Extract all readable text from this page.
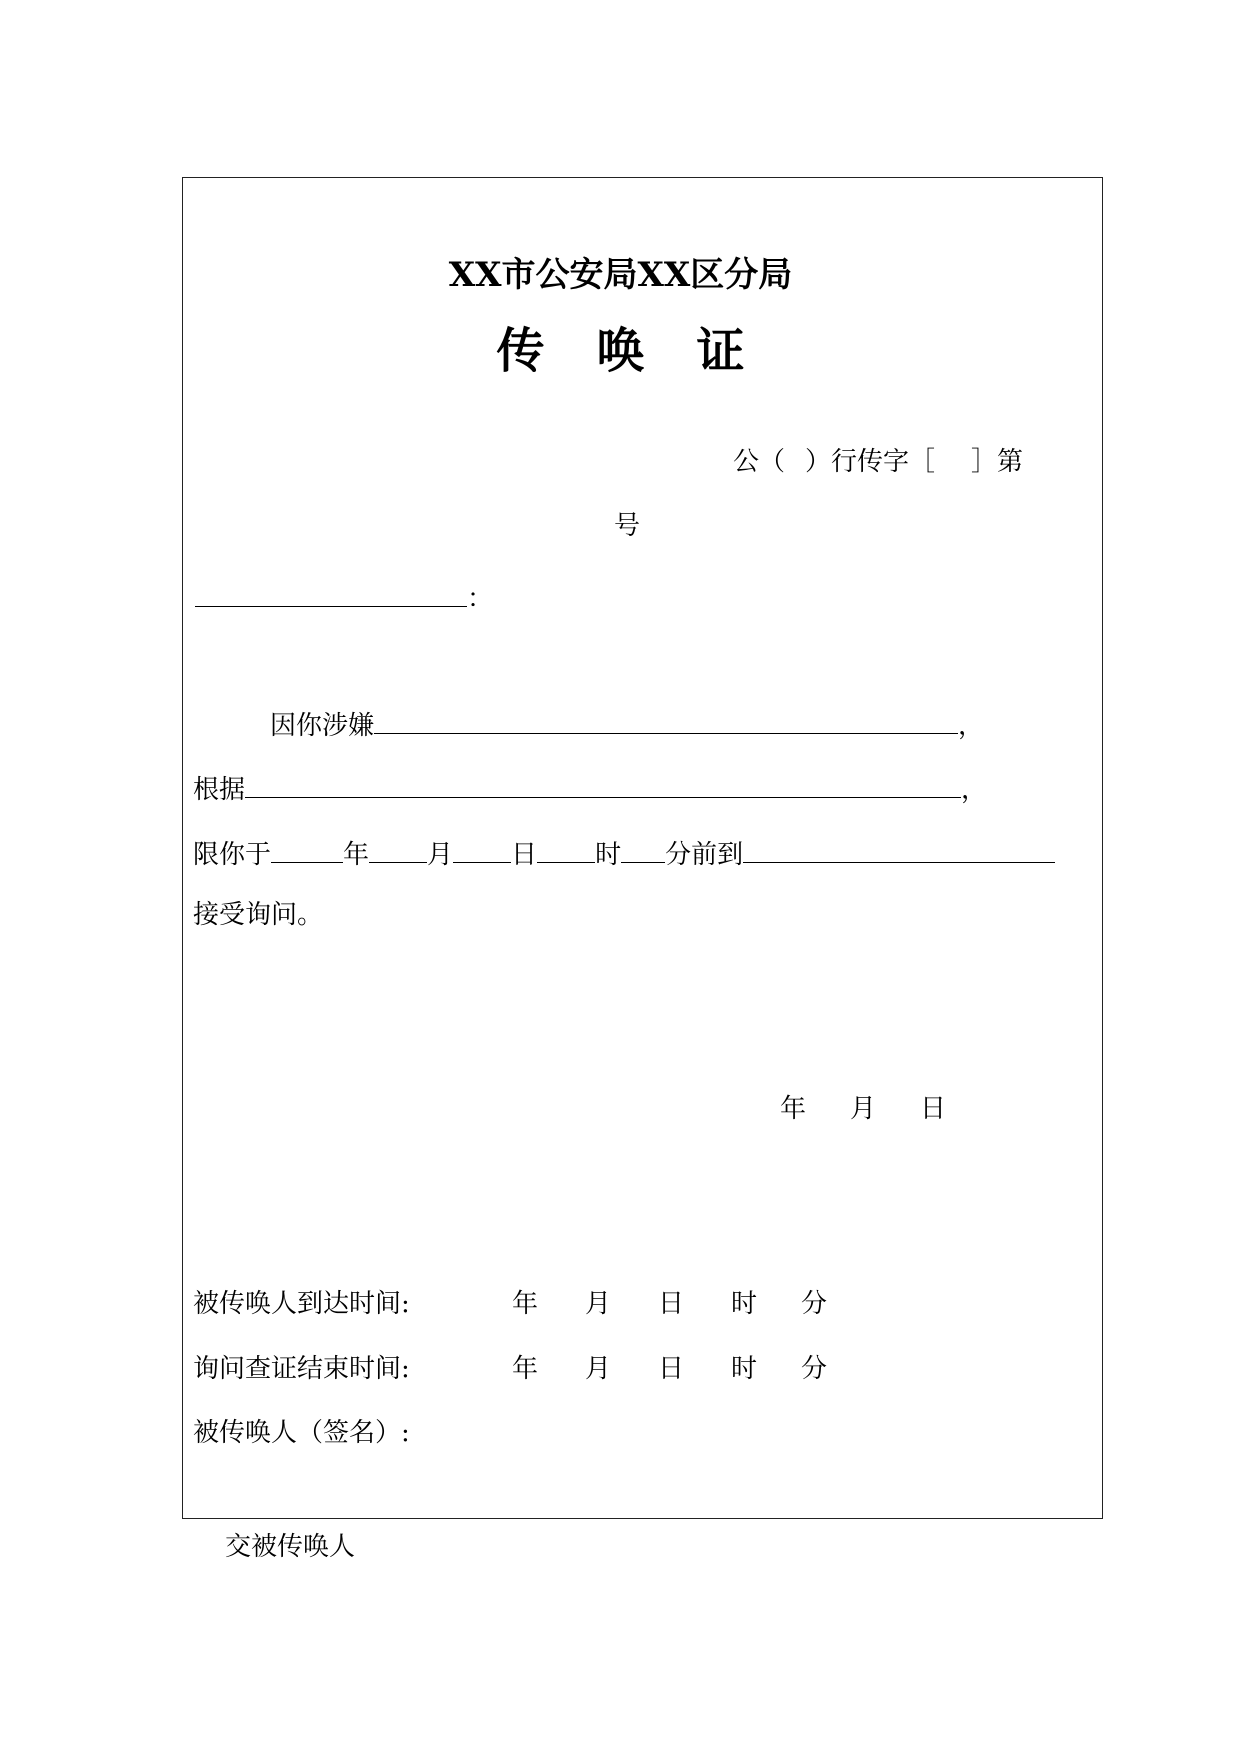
XX市公安局XX区分局
传 唤 证
公（ ）行传字［ ］第
号
：
因你涉嫌	，
根据	，
限你于	年 月 日 时 分前到
接受询问。
年 月 日
被传唤人到达时间:	年 月 日 时 分
询问查证结束时间:	年 月 日 时 分
被传唤人（签名）:
交被传唤人
